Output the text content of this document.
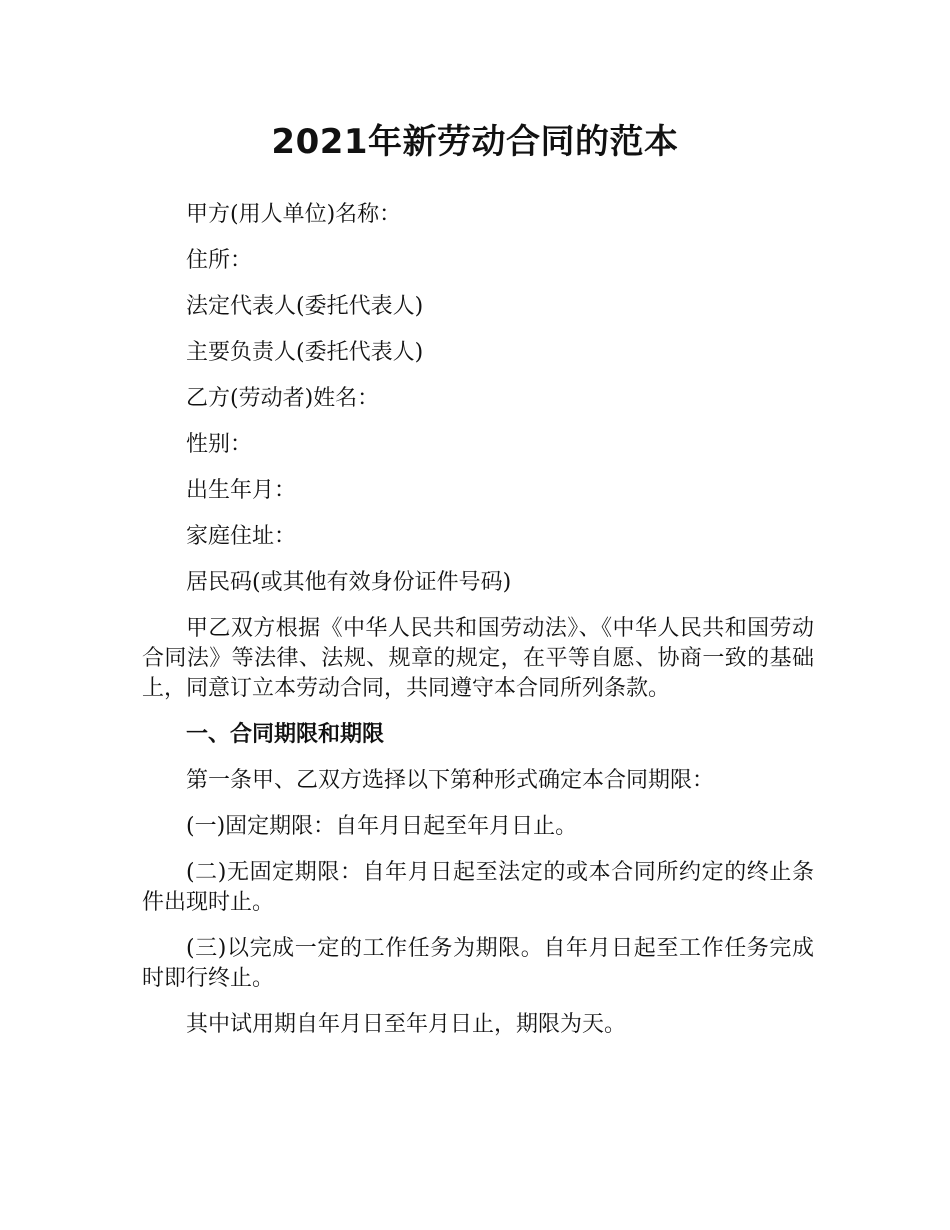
2021年新劳动合同的范本

甲方(用人单位)名称：

住所：

法定代表人(委托代表人)

主要负责人(委托代表人)

乙方(劳动者)姓名：

性别：

出生年月：

家庭住址：

居民码(或其他有效身份证件号码)

甲乙双方根据《中华人民共和国劳动法》、《中华人民共和国劳动合同法》等法律、法规、规章的规定，在平等自愿、协商一致的基础上，同意订立本劳动合同，共同遵守本合同所列条款。

一、合同期限和期限

第一条甲、乙双方选择以下第种形式确定本合同期限：

(一)固定期限：自年月日起至年月日止。

(二)无固定期限：自年月日起至法定的或本合同所约定的终止条件出现时止。

(三)以完成一定的工作任务为期限。自年月日起至工作任务完成时即行终止。

其中试用期自年月日至年月日止，期限为天。
